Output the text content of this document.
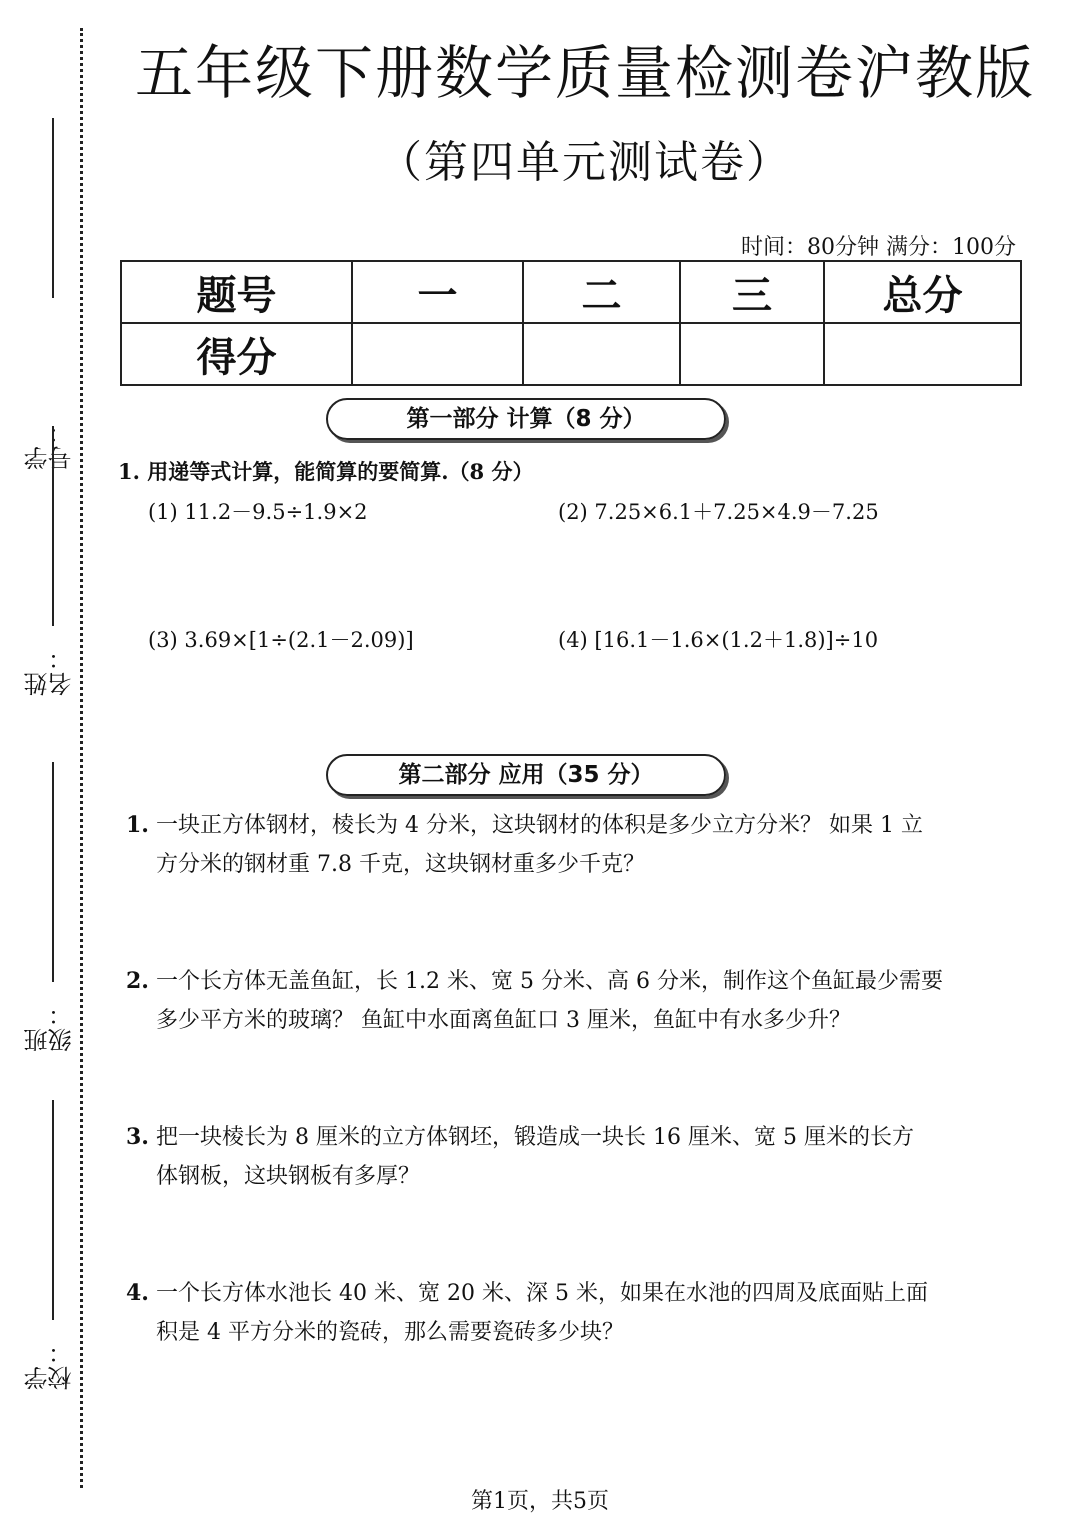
学号：
姓名：
班级：
学校：
五年级下册数学质量检测卷沪教版
（第四单元测试卷）
时间：80分钟 满分：100分
题号	一	二	三	总分
得分				
第一部分 计算（8 分）
1. 用递等式计算，能简算的要简算.（8 分）
(1) 11.2－9.5÷1.9×2	(2) 7.25×6.1＋7.25×4.9－7.25
(3) 3.69×[1÷(2.1－2.09)]	(4) [16.1－1.6×(1.2＋1.8)]÷10
第二部分 应用（35 分）
1. 一块正方体钢材，棱长为 4 分米，这块钢材的体积是多少立方分米？ 如果 1 立
方分米的钢材重 7.8 千克，这块钢材重多少千克？
2. 一个长方体无盖鱼缸，长 1.2 米、宽 5 分米、高 6 分米，制作这个鱼缸最少需要
多少平方米的玻璃？ 鱼缸中水面离鱼缸口 3 厘米，鱼缸中有水多少升？
3. 把一块棱长为 8 厘米的立方体钢坯，锻造成一块长 16 厘米、宽 5 厘米的长方
体钢板，这块钢板有多厚？
4. 一个长方体水池长 40 米、宽 20 米、深 5 米，如果在水池的四周及底面贴上面
积是 4 平方分米的瓷砖，那么需要瓷砖多少块？
第1页，共5页
